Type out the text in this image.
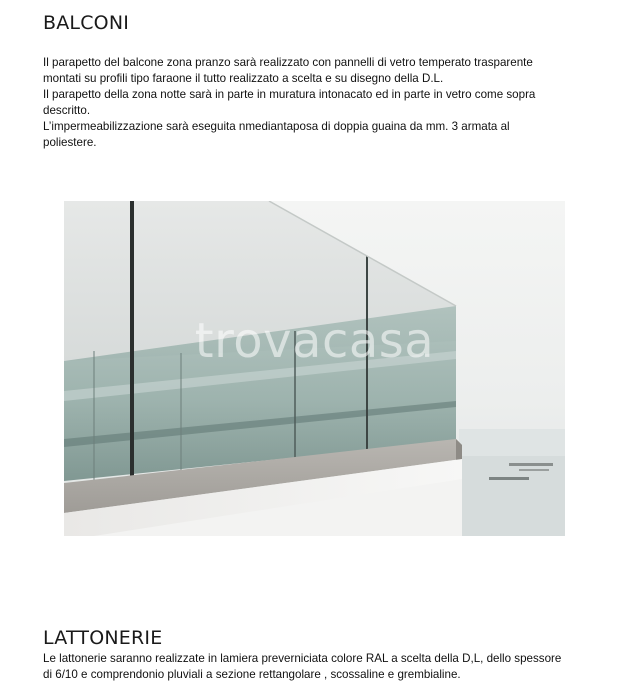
BALCONI
Il parapetto del balcone zona pranzo sarà realizzato con pannelli di vetro temperato trasparente
montati su profili tipo faraone il tutto realizzato a scelta e su disegno della D.L.
Il parapetto della zona notte sarà in parte in muratura intonacato ed in parte in vetro come sopra
descritto.
L’impermeabilizzazione sarà eseguita nmediantaposa di doppia guaina da mm. 3 armata al
poliestere.
trovacasa
LATTONERIE
Le lattonerie saranno realizzate in lamiera preverniciata colore RAL a scelta della D,L, dello spessore
di 6/10 e comprendonio pluviali a sezione rettangolare , scossaline e grembialine.
